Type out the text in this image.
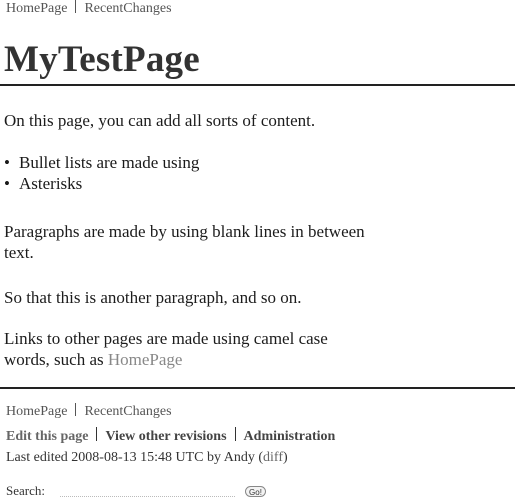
HomePage RecentChanges
MyTestPage
On this page, you can add all sorts of content.
• Bullet lists are made using
• Asterisks
Paragraphs are made by using blank lines in between text.
So that this is another paragraph, and so on.
Links to other pages are made using camel case words, such as HomePage
HomePage RecentChanges
Edit this page View other revisions Administration
Last edited 2008-08-13 15:48 UTC by Andy (diff)
Search:	Go!
